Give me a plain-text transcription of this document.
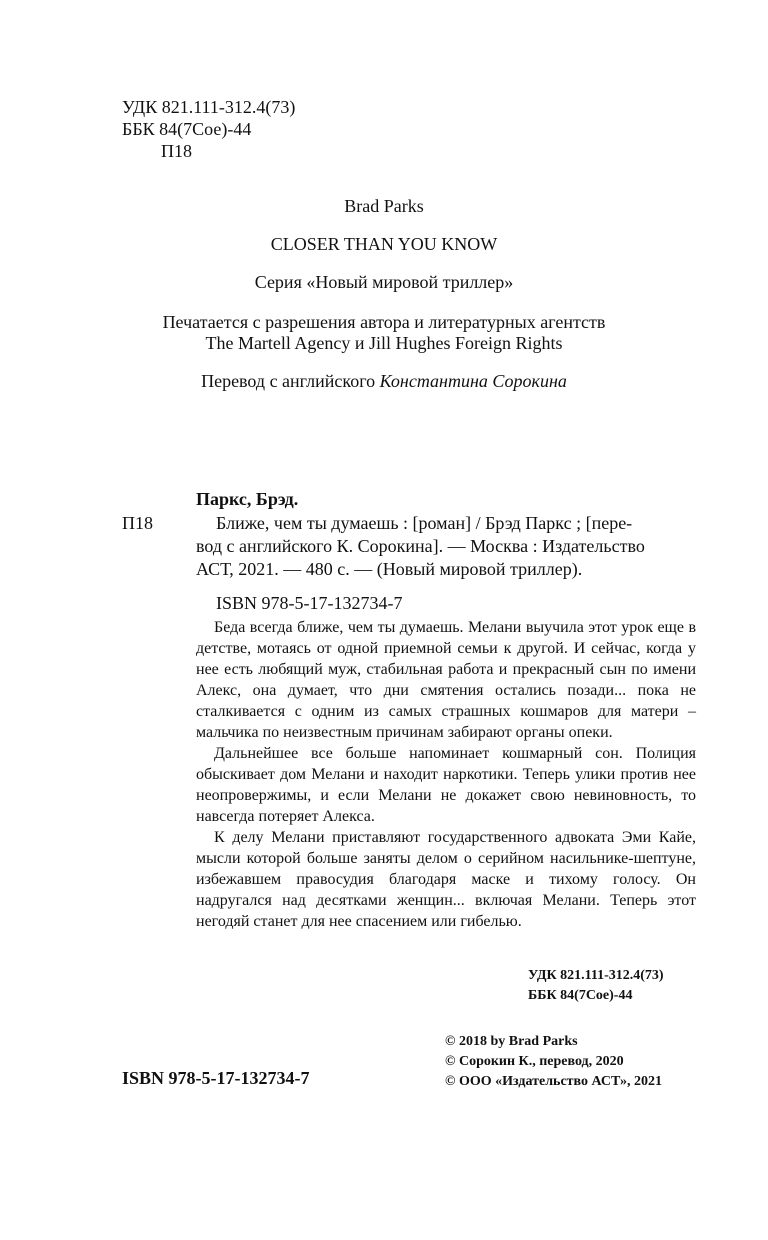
УДК 821.111-312.4(73)
ББК 84(7Сое)-44
П18
Brad Parks
CLOSER THAN YOU KNOW
Серия «Новый мировой триллер»
Печатается с разрешения автора и литературных агентств
The Martell Agency и Jill Hughes Foreign Rights
Перевод с английского Константина Сорокина
Паркс, Брэд.
П18	Ближе, чем ты думаешь : [роман] / Брэд Паркс ; [пере-
вод с английского К. Сорокина]. — Москва : Издательство
АСТ, 2021. — 480 с. — (Новый мировой триллер).
ISBN 978-5-17-132734-7

Беда всегда ближе, чем ты думаешь. Мелани выучила этот урок еще в детстве, мотаясь от одной приемной семьи к другой. И сейчас, когда у нее есть любящий муж, стабильная работа и прекрасный сын по имени Алекс, она думает, что дни смятения остались позади... пока не сталкивается с одним из самых страшных кошмаров для матери – мальчика по неизвестным причинам забирают органы опеки.

Дальнейшее все больше напоминает кошмарный сон. Полиция обыскивает дом Мелани и находит наркотики. Теперь улики против нее неопровержимы, и если Мелани не докажет свою невиновность, то навсегда потеряет Алекса.

К делу Мелани приставляют государственного адвоката Эми Кайе, мысли которой больше заняты делом о серийном насильнике-шептуне, избежавшем правосудия благодаря маске и тихому голосу. Он надругался над десятками женщин... включая Мелани. Теперь этот негодяй станет для нее спасением или гибелью.

УДК 821.111-312.4(73)
ББК 84(7Сое)-44
ISBN 978-5-17-132734-7
© 2018 by Brad Parks
© Сорокин К., перевод, 2020
© ООО «Издательство АСТ», 2021
